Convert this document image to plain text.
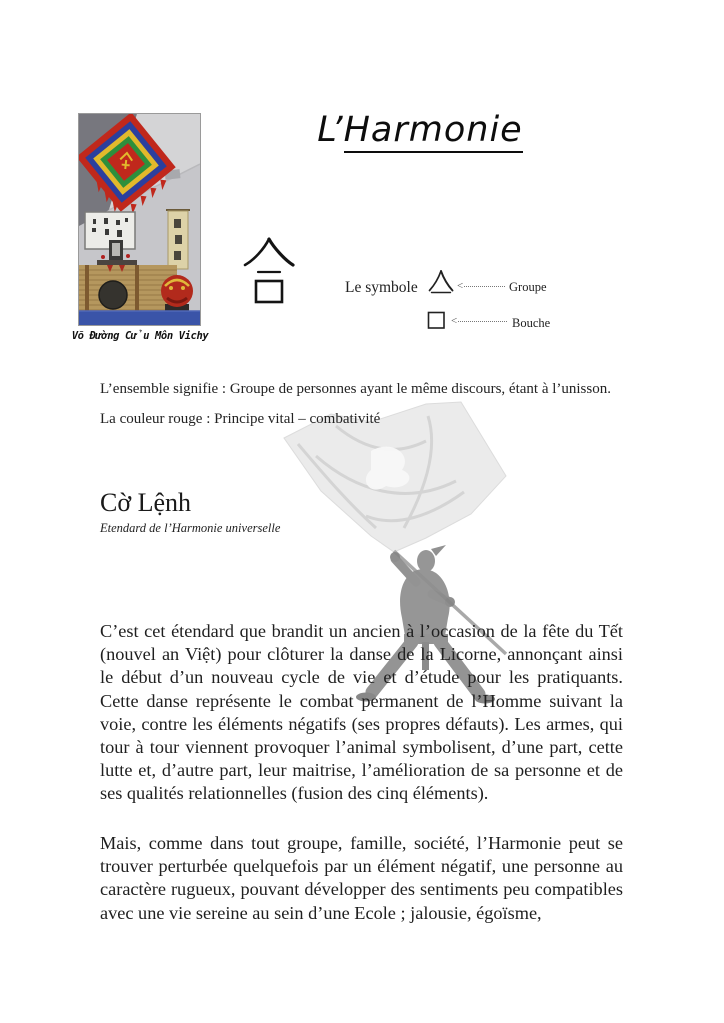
L’Harmonie
Võ Đường Cửu Môn Vichy
Le symbole	<	Groupe
<	Bouche
L’ensemble signifie : Groupe de personnes ayant le même discours, étant à l’unisson.
La couleur rouge : Principe vital – combativité
Cờ Lệnh
Etendard de l’Harmonie universelle
C’est cet étendard que brandit un ancien à l’occasion de la fête du Tết (nouvel an Việt) pour clôturer la danse de la Licorne, annonçant ainsi le début d’un nouveau cycle de vie et d’étude pour les pratiquants. Cette danse représente le combat permanent de l’Homme suivant la voie, contre les éléments négatifs (ses propres défauts). Les armes, qui tour à tour viennent provoquer l’animal symbolisent, d’une part, cette lutte et, d’autre part, leur maitrise, l’amélioration de sa personne et de ses qualités relationnelles (fusion des cinq éléments).
Mais, comme dans tout groupe, famille, société, l’Harmonie peut se trouver perturbée quelquefois par un élément négatif, une personne au caractère rugueux, pouvant développer des sentiments peu compatibles avec une vie sereine au sein d’une Ecole ; jalousie, égoïsme,
